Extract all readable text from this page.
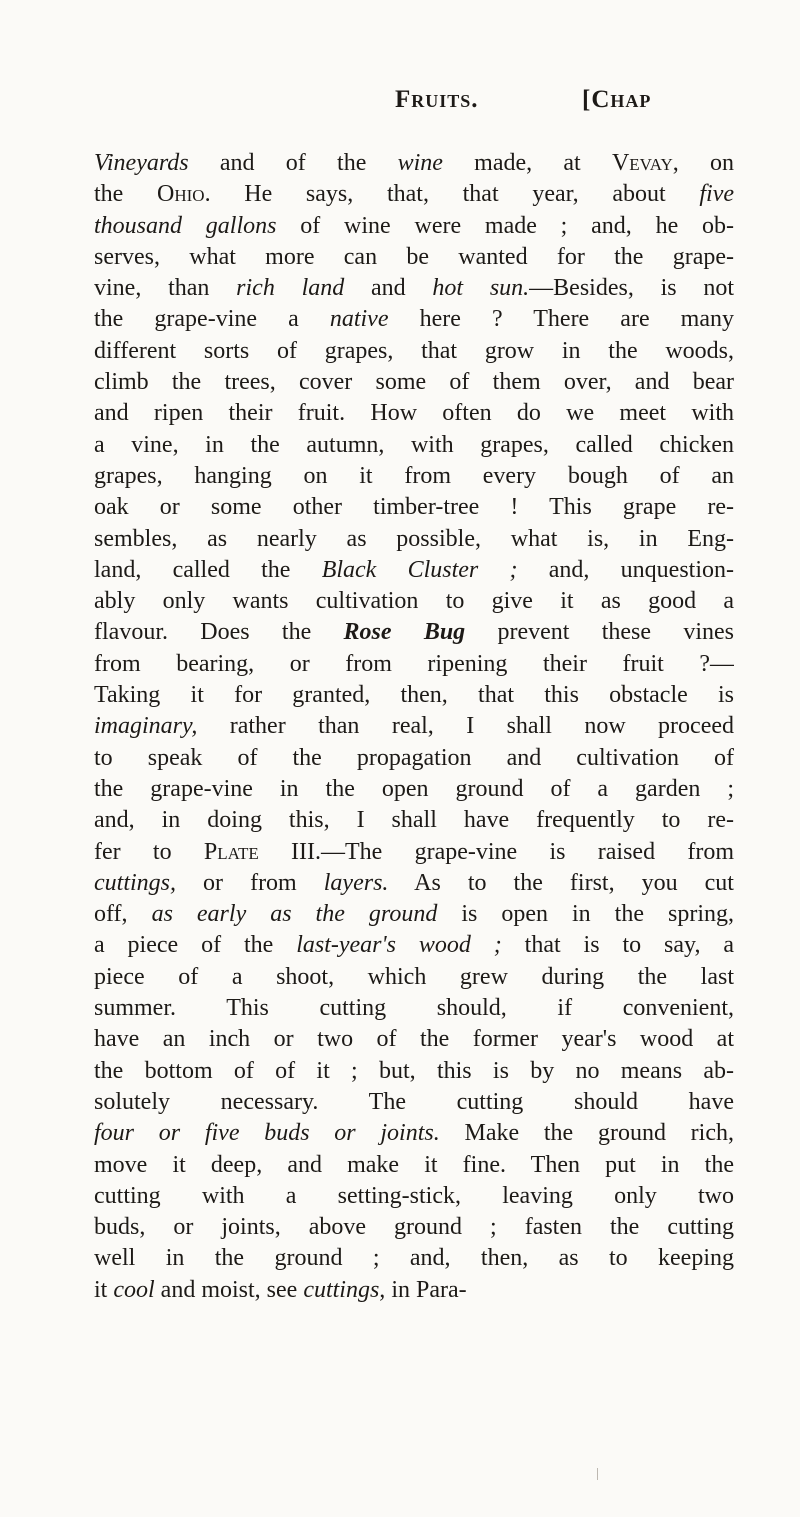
Fruits.	[Chap
Vineyards and of the wine made, at Vevay, on
the Ohio. He says, that, that year, about five
thousand gallons of wine were made ; and, he ob-
serves, what more can be wanted for the grape-
vine, than rich land and hot sun.—Besides, is not
the grape-vine a native here ? There are many
different sorts of grapes, that grow in the woods,
climb the trees, cover some of them over, and bear
and ripen their fruit. How often do we meet with
a vine, in the autumn, with grapes, called chicken
grapes, hanging on it from every bough of an
oak or some other timber-tree ! This grape re-
sembles, as nearly as possible, what is, in Eng-
land, called the Black Cluster ; and, unquestion-
ably only wants cultivation to give it as good a
flavour. Does the Rose Bug prevent these vines
from bearing, or from ripening their fruit ?—
Taking it for granted, then, that this obstacle is
imaginary, rather than real, I shall now proceed
to speak of the propagation and cultivation of
the grape-vine in the open ground of a garden ;
and, in doing this, I shall have frequently to re-
fer to Plate III.—The grape-vine is raised from
cuttings, or from layers. As to the first, you cut
off, as early as the ground is open in the spring,
a piece of the last-year's wood ; that is to say, a
piece of a shoot, which grew during the last
summer. This cutting should, if convenient,
have an inch or two of the former year's wood at
the bottom of of it ; but, this is by no means ab-
solutely necessary. The cutting should have
four or five buds or joints. Make the ground rich,
move it deep, and make it fine. Then put in the
cutting with a setting-stick, leaving only two
buds, or joints, above ground ; fasten the cutting
well in the ground ; and, then, as to keeping
it cool and moist, see cuttings, in Para-
